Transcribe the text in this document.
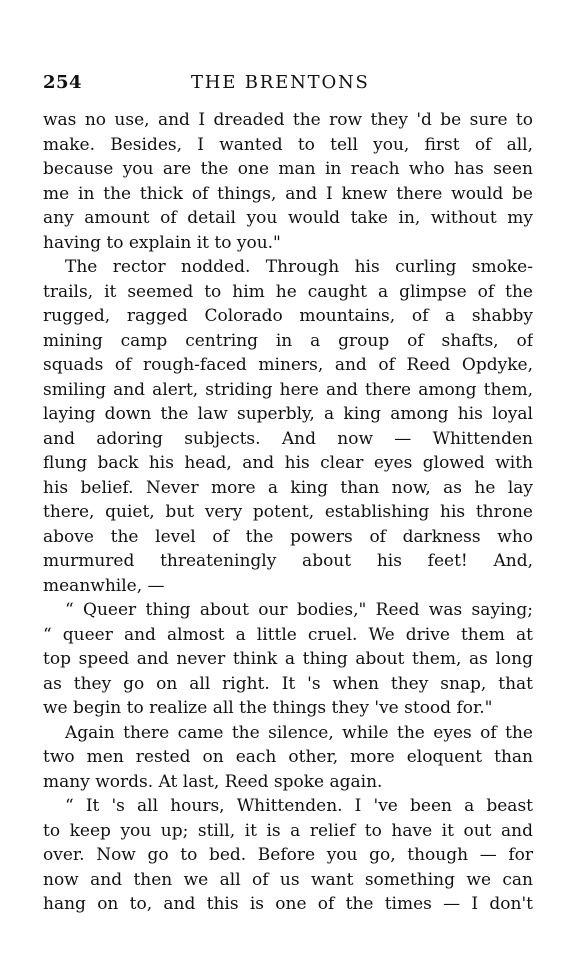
254	THE BRENTONS
was no use, and I dreaded the row they 'd be sure to
make. Besides, I wanted to tell you, first of all,
because you are the one man in reach who has seen
me in the thick of things, and I knew there would be
any amount of detail you would take in, without my
having to explain it to you."
The rector nodded. Through his curling smoke-
trails, it seemed to him he caught a glimpse of the
rugged, ragged Colorado mountains, of a shabby
mining camp centring in a group of shafts, of
squads of rough-faced miners, and of Reed Opdyke,
smiling and alert, striding here and there among them,
laying down the law superbly, a king among his loyal
and adoring subjects. And now — Whittenden
flung back his head, and his clear eyes glowed with
his belief. Never more a king than now, as he lay
there, quiet, but very potent, establishing his throne
above the level of the powers of darkness who
murmured threateningly about his feet! And,
meanwhile, —
“ Queer thing about our bodies," Reed was saying;
“ queer and almost a little cruel. We drive them at
top speed and never think a thing about them, as long
as they go on all right. It 's when they snap, that
we begin to realize all the things they 've stood for."
Again there came the silence, while the eyes of the
two men rested on each other, more eloquent than
many words. At last, Reed spoke again.
“ It 's all hours, Whittenden. I 've been a beast
to keep you up; still, it is a relief to have it out and
over. Now go to bed. Before you go, though — for
now and then we all of us want something we can
hang on to, and this is one of the times — I don't
